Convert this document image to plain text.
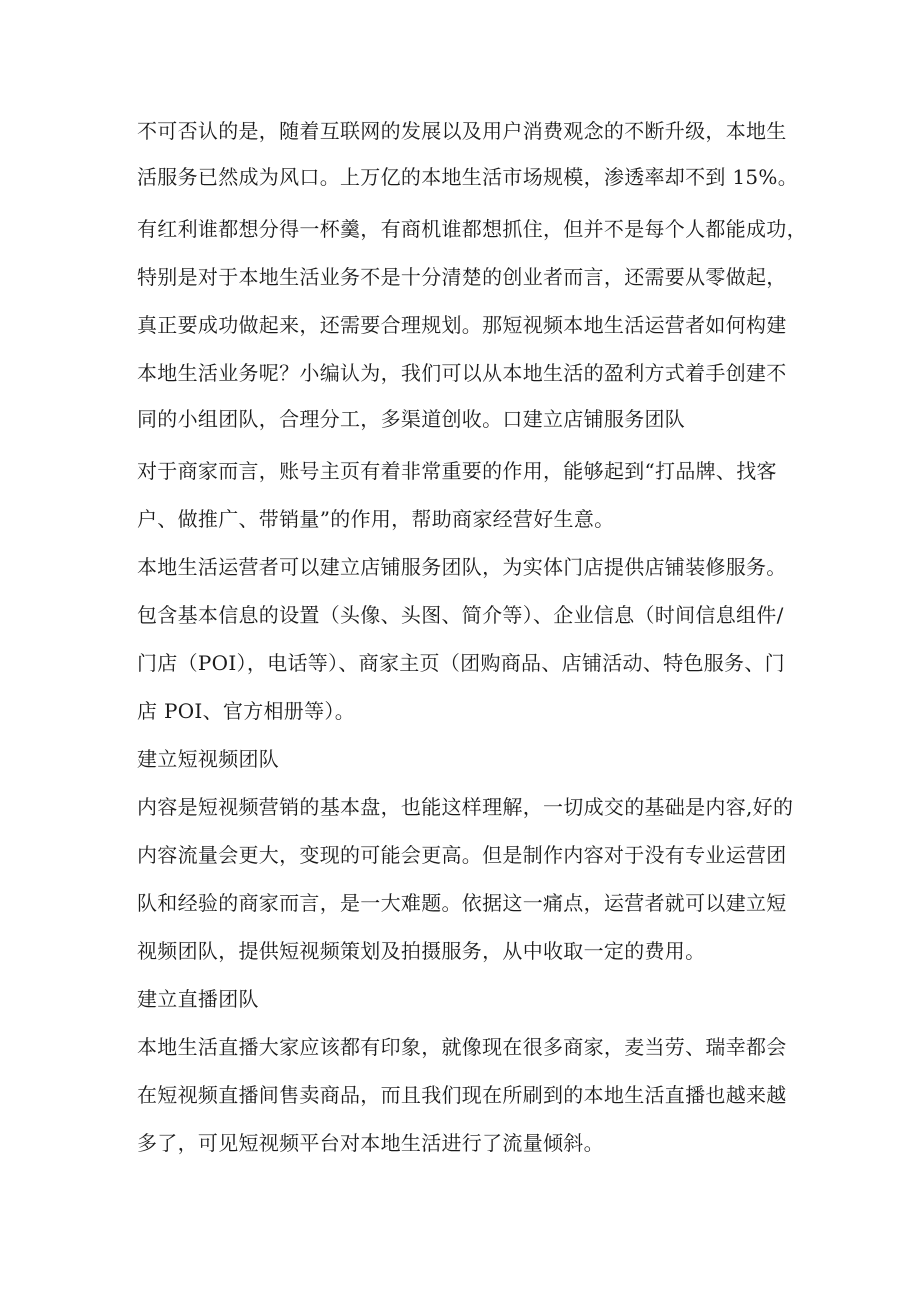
不可否认的是，随着互联网的发展以及用户消费观念的不断升级，本地生
活服务已然成为风口。上万亿的本地生活市场规模，渗透率却不到 15%。
有红利谁都想分得一杯羹，有商机谁都想抓住，但并不是每个人都能成功，
特别是对于本地生活业务不是十分清楚的创业者而言，还需要从零做起，
真正要成功做起来，还需要合理规划。那短视频本地生活运营者如何构建
本地生活业务呢？小编认为，我们可以从本地生活的盈利方式着手创建不
同的小组团队，合理分工，多渠道创收。口建立店铺服务团队
对于商家而言，账号主页有着非常重要的作用，能够起到“打品牌、找客
户、做推广、带销量”的作用，帮助商家经营好生意。
本地生活运营者可以建立店铺服务团队，为实体门店提供店铺装修服务。
包含基本信息的设置（头像、头图、简介等）、企业信息（时间信息组件/
门店（POI），电话等）、商家主页（团购商品、店铺活动、特色服务、门
店 POI、官方相册等）。
建立短视频团队
内容是短视频营销的基本盘，也能这样理解，一切成交的基础是内容,好的
内容流量会更大，变现的可能会更高。但是制作内容对于没有专业运营团
队和经验的商家而言，是一大难题。依据这一痛点，运营者就可以建立短
视频团队，提供短视频策划及拍摄服务，从中收取一定的费用。
建立直播团队
本地生活直播大家应该都有印象，就像现在很多商家，麦当劳、瑞幸都会
在短视频直播间售卖商品，而且我们现在所刷到的本地生活直播也越来越
多了，可见短视频平台对本地生活进行了流量倾斜。
